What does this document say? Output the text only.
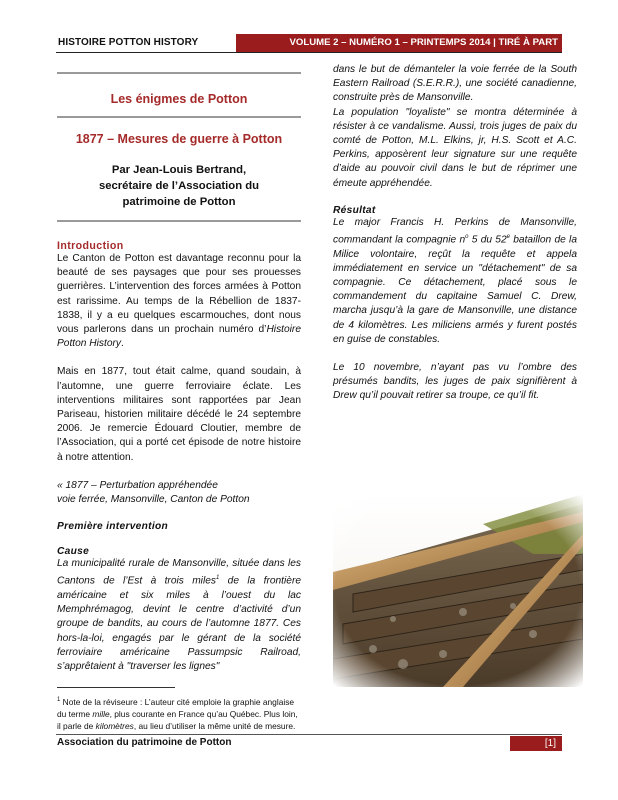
HISTOIRE POTTON HISTORY	VOLUME 2 – NUMÉRO 1 – PRINTEMPS 2014 | TIRÉ À PART
Les énigmes de Potton
1877 – Mesures de guerre à Potton
Par Jean-Louis Bertrand,
secrétaire de l’Association du
patrimoine de Potton
Introduction

Le Canton de Potton est davantage reconnu pour la beauté de ses paysages que pour ses prouesses guerrières. L’intervention des forces armées à Potton est rarissime. Au temps de la Rébellion de 1837-1838, il y a eu quelques escarmouches, dont nous vous parlerons dans un prochain numéro d’Histoire Potton History.

Mais en 1877, tout était calme, quand soudain, à l’automne, une guerre ferroviaire éclate. Les interventions militaires sont rapportées par Jean Pariseau, historien militaire décédé le 24 septembre 2006. Je remercie Édouard Cloutier, membre de l’Association, qui a porté cet épisode de notre histoire à notre attention.

« 1877 – Perturbation appréhendée
voie ferrée, Mansonville, Canton de Potton

Première intervention
Cause

La municipalité rurale de Mansonville, située dans les Cantons de l’Est à trois miles$^1$ de la frontière américaine et six miles à l’ouest du lac Memphrémagog, devint le centre d’activité d’un groupe de bandits, au cours de l’automne 1877. Ces hors-la-loi, engagés par le gérant de la société ferroviaire américaine Passumpsic Railroad, s’apprêtaient à "traverser les lignes"

$^1$ Note de la réviseure : L’auteur cité emploie la graphie anglaise du terme mille, plus courante en France qu’au Québec. Plus loin, il parle de kilomètres, au lieu d’utiliser la même unité de mesure.

dans le but de démanteler la voie ferrée de la South Eastern Railroad (S.E.R.R.), une société canadienne, construite près de Mansonville.

La population "loyaliste" se montra déterminée à résister à ce vandalisme. Aussi, trois juges de paix du comté de Potton, M.L. Elkins, jr, H.S. Scott et A.C. Perkins, apposèrent leur signature sur une requête d’aide au pouvoir civil dans le but de réprimer une émeute appréhendée.

Résultat

Le major Francis H. Perkins de Mansonville, commandant la compagnie $n^o$ 5 du 52e bataillon de la Milice volontaire, reçût la requête et appela immédiatement en service un "détachement" de sa compagnie. Ce détachement, placé sous le commandement du capitaine Samuel C. Drew, marcha jusqu’à la gare de Mansonville, une distance de 4 kilomètres. Les miliciens armés y furent postés en guise de constables.

Le 10 novembre, n’ayant pas vu l’ombre des présumés bandits, les juges de paix signifièrent à Drew qu’il pouvait retirer sa troupe, ce qu’il fit.

Association du patrimoine de Potton	[1]
